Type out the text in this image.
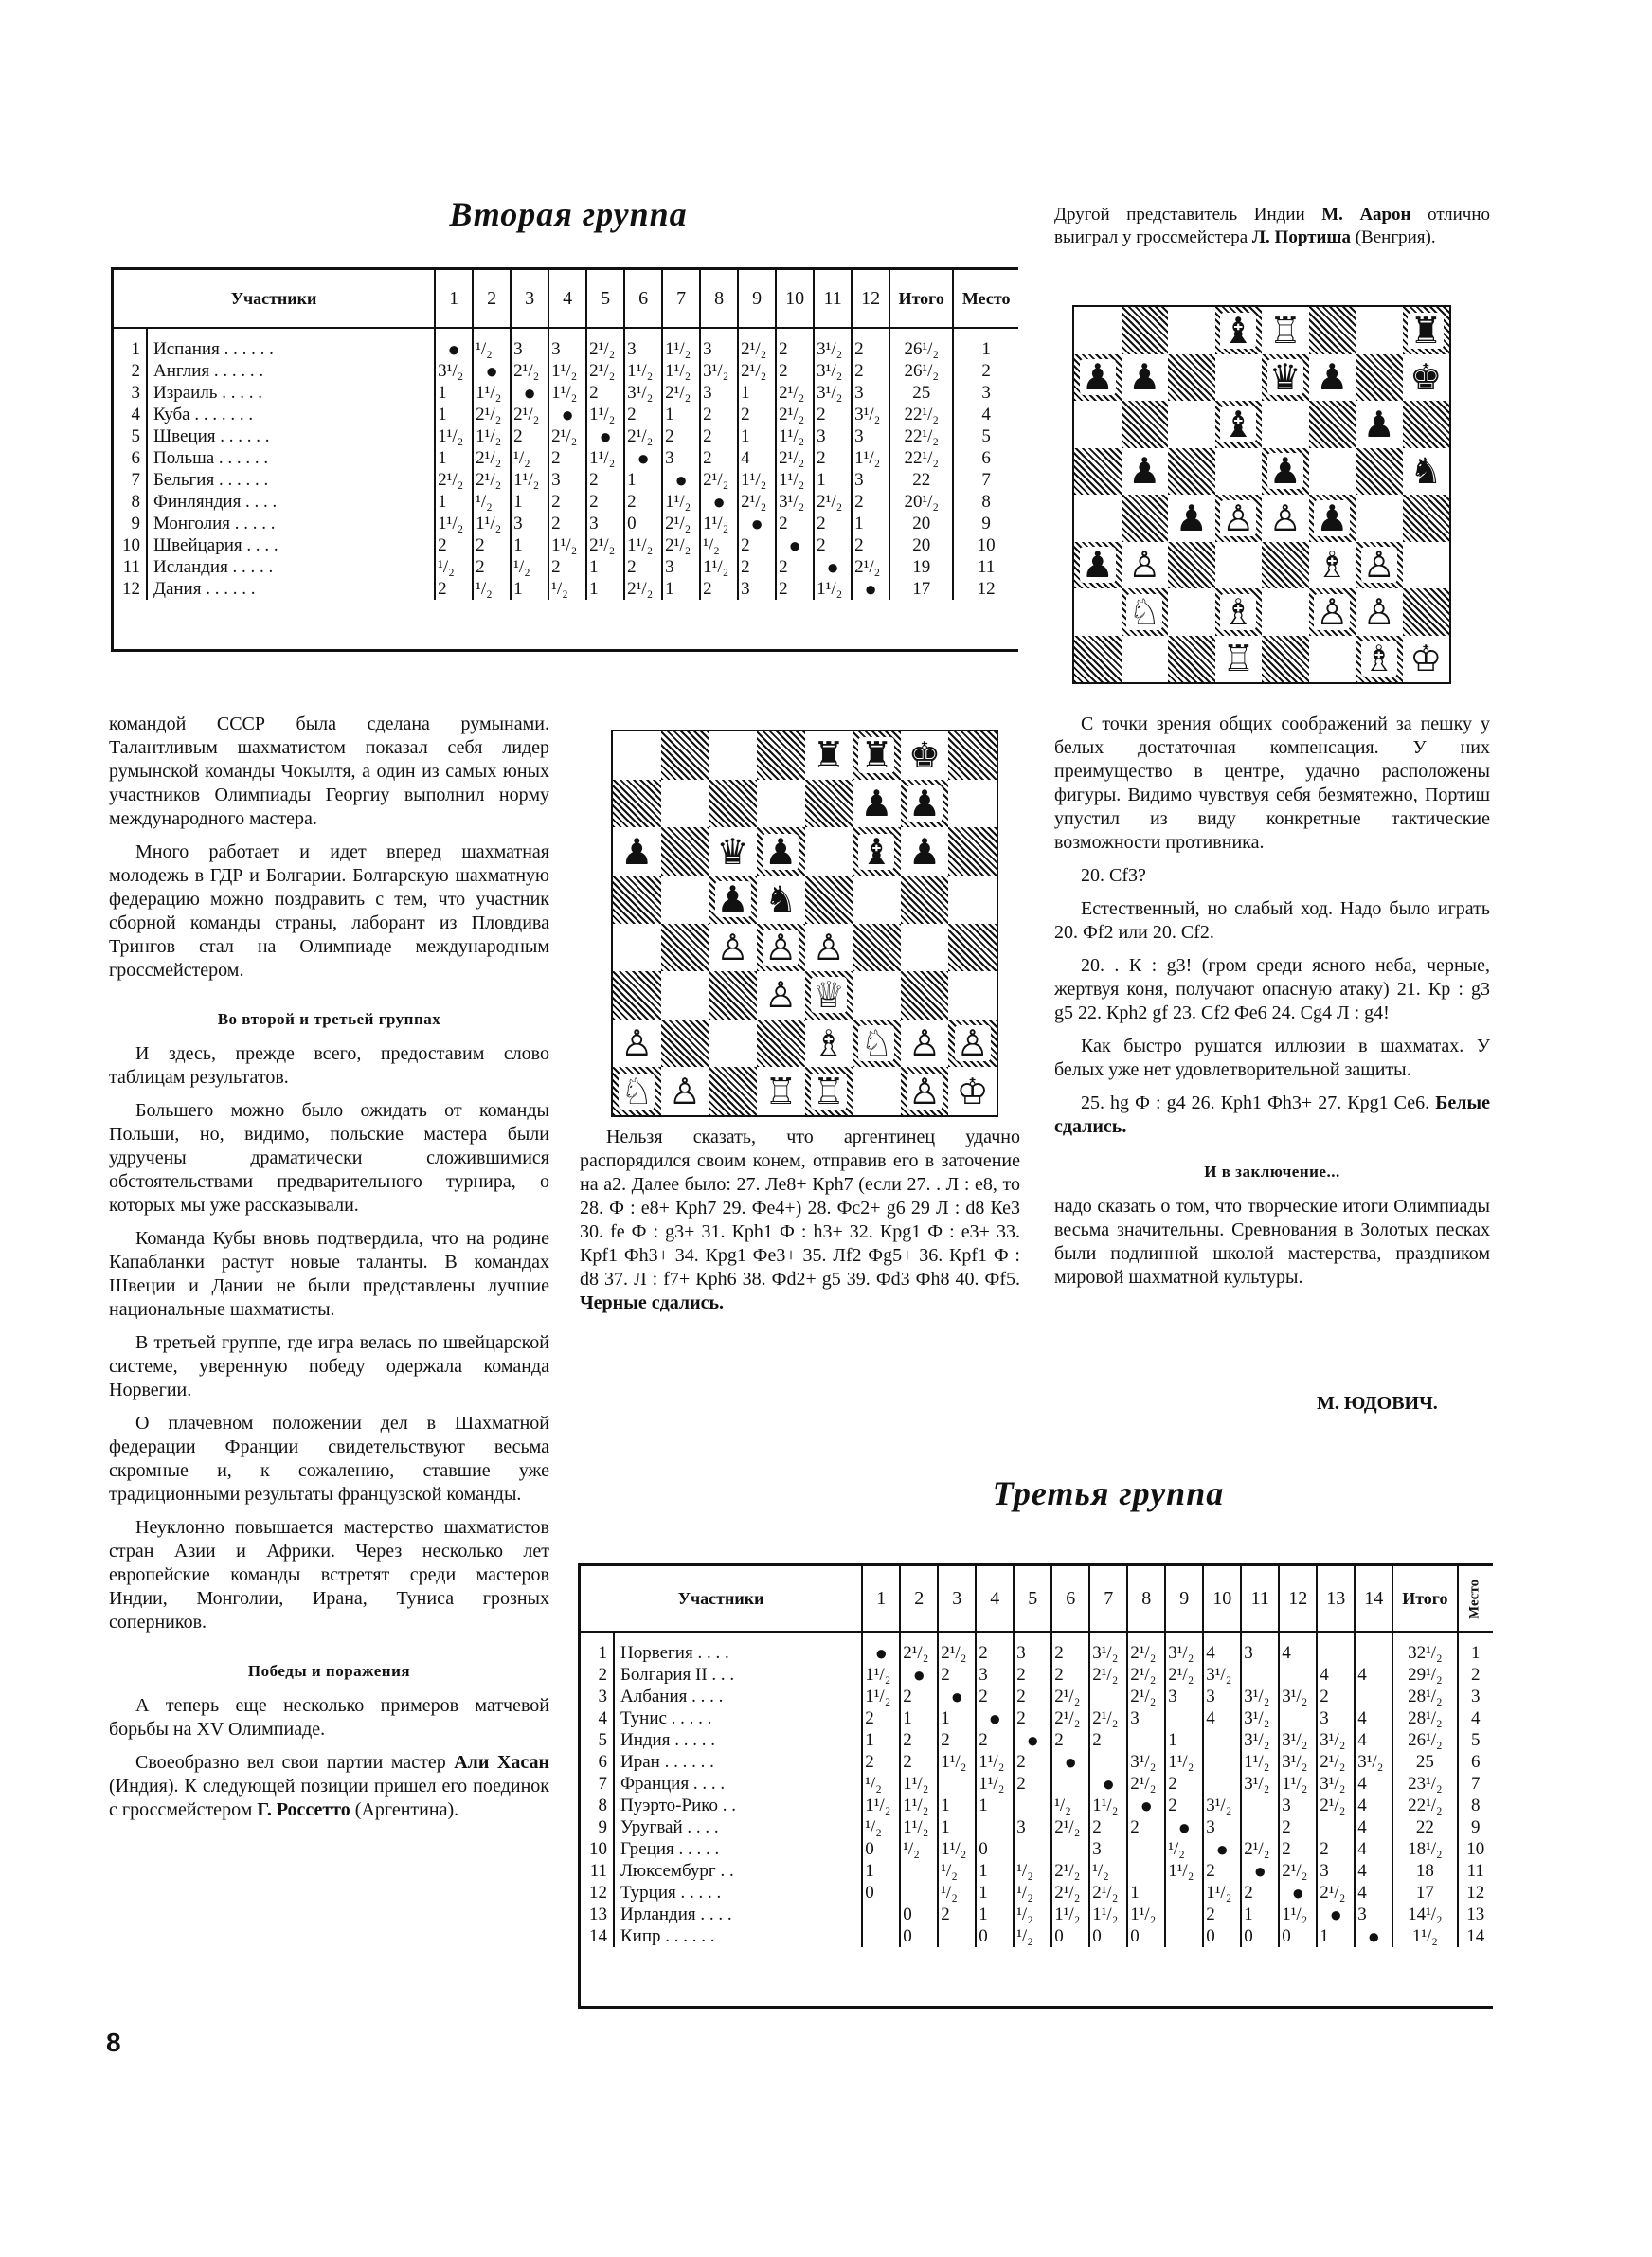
Вторая группа
Участники		1	2	3	4	5	6	7	8	9	10	11	12	Итого	Место
1	Испания . . . . . .	●	¹/₂	3	3	2¹/₂	3	1¹/₂	3	2¹/₂	2	3¹/₂	2	26¹/₂	1
2	Англия . . . . . .	3¹/₂	●	2¹/₂	1¹/₂	2¹/₂	1¹/₂	1¹/₂	3¹/₂	2¹/₂	2	3¹/₂	2	26¹/₂	2
3	Израиль . . . . .	1	1¹/₂	●	1¹/₂	2	3¹/₂	2¹/₂	3	1	2¹/₂	3¹/₂	3	25	3
4	Куба . . . . . . .	1	2¹/₂	2¹/₂	●	1¹/₂	2	1	2	2	2¹/₂	2	3¹/₂	22¹/₂	4
5	Швеция . . . . . .	1¹/₂	1¹/₂	2	2¹/₂	●	2¹/₂	2	2	1	1¹/₂	3	3	22¹/₂	5
6	Польша . . . . . .	1	2¹/₂	¹/₂	2	1¹/₂	●	3	2	4	2¹/₂	2	1¹/₂	22¹/₂	6
7	Бельгия . . . . . .	2¹/₂	2¹/₂	1¹/₂	3	2	1	●	2¹/₂	1¹/₂	1¹/₂	1	3	22	7
8	Финляндия . . . .	1	¹/₂	1	2	2	2	1¹/₂	●	2¹/₂	3¹/₂	2¹/₂	2	20¹/₂	8
9	Монголия . . . . .	1¹/₂	1¹/₂	3	2	3	0	2¹/₂	1¹/₂	●	2	2	1	20	9
10	Швейцария . . . .	2	2	1	1¹/₂	2¹/₂	1¹/₂	2¹/₂	¹/₂	2	●	2	2	20	10
11	Исландия . . . . .	¹/₂	2	¹/₂	2	1	2	3	1¹/₂	2	2	●	2¹/₂	19	11
12	Дания . . . . . .	2	¹/₂	1	¹/₂	1	2¹/₂	1	2	3	2	1¹/₂	●	17	12

Другой представитель Индии М. Аарон отлично выиграл у гроссмейстера Л. Портиша (Венгрия).

♝ ♖	♜
♟ ♟	♛ ♟ ♚
♝	♟
♟	♟	♞
♟ ♙ ♙ ♟
♟ ♙	♗ ♙
♘ ♗ ♙ ♙
♖	♗ ♔

командой СССР была сделана румынами. Талантливым шахматистом показал себя лидер румынской команды Чокылтя, а один из самых юных участников Олимпиады Георгиу выполнил норму международного мастера.

Много работает и идет вперед шахматная молодежь в ГДР и Болгарии. Болгарскую шахматную федерацию можно поздравить с тем, что участник сборной команды страны, лаборант из Пловдива Трингов стал на Олимпиаде международным гроссмейстером.

Во второй и третьей группах

И здесь, прежде всего, предоставим слово таблицам результатов.

Большего можно было ожидать от команды Польши, но, видимо, польские мастера были удручены драматически сложившимися обстоятельствами предварительного турнира, о которых мы уже рассказывали.

Команда Кубы вновь подтвердила, что на родине Капабланки растут новые таланты. В командах Швеции и Дании не были представлены лучшие национальные шахматисты.

В третьей группе, где игра велась по швейцарской системе, уверенную победу одержала команда Норвегии.

О плачевном положении дел в Шахматной федерации Франции свидетельствуют весьма скромные и, к сожалению, ставшие уже традиционными результаты французской команды.

Неуклонно повышается мастерство шахматистов стран Азии и Африки. Через несколько лет европейские команды встретят среди мастеров Индии, Монголии, Ирана, Туниса грозных соперников.

Победы и поражения

А теперь еще несколько примеров матчевой борьбы на XV Олимпиаде.

Своеобразно вел свои партии мастер Али Хасан (Индия). К следующей позиции пришел его поединок с гроссмейстером Г. Россетто (Аргентина).

♜ ♜ ♚
♟ ♟
♟ ♛ ♟ ♝ ♟
♟ ♞
♙ ♙ ♙
♙ ♕
♙	♗ ♘ ♙ ♙
♘ ♙ ♖ ♖ ♙ ♔

Нельзя сказать, что аргентинец удачно распорядился своим конем, отправив его в заточение на а2. Далее было: 27. Ле8+ Крh7 (если 27. . Л : е8, то 28. Ф : е8+ Крh7 29. Фе4+) 28. Фс2+ g6 29 Л : d8 Ке3 30. fe Ф : g3+ 31. Крh1 Ф : h3+ 32. Крg1 Ф : е3+ 33. Крf1 Фh3+ 34. Крg1 Фе3+ 35. Лf2 Фg5+ 36. Крf1 Ф : d8 37. Л : f7+ Крh6 38. Фd2+ g5 39. Фd3 Фh8 40. Фf5. Черные сдались.

С точки зрения общих соображений за пешку у белых достаточная компенсация. У них преимущество в центре, удачно расположены фигуры. Видимо чувствуя себя безмятежно, Портиш упустил из виду конкретные тактические возможности противника.

20. Cf3?

Естественный, но слабый ход. Надо было играть 20. Фf2 или 20. Cf2.

20. . К : g3! (гром среди ясного неба, черные, жертвуя коня, получают опасную атаку) 21. Кр : g3 g5 22. Крh2 gf 23. Cf2 Фе6 24. Cg4 Л : g4!

Как быстро рушатся иллюзии в шахматах. У белых уже нет удовлетворительной защиты.

25. hg Ф : g4 26. Крh1 Фh3+ 27. Крg1 Се6. Белые сдались.

И в заключение...

надо сказать о том, что творческие итоги Олимпиады весьма значительны. Сревнования в Золотых песках были подлинной школой мастерства, праздником мировой шахматной культуры.

М. ЮДОВИЧ.
Третья группа
Участники		1	2	3	4	5	6	7	8	9	10	11	12	13	14	Итого	Место
1	Норвегия . . . .	●	2¹/₂	2¹/₂	2	3	2	3¹/₂	2¹/₂	3¹/₂	4	3	4			32¹/₂	1
2	Болгария II . . .	1¹/₂	●	2	3	2	2	2¹/₂	2¹/₂	2¹/₂	3¹/₂			4	4	29¹/₂	2
3	Албания . . . .	1¹/₂	2	●	2	2	2¹/₂		2¹/₂	3	3	3¹/₂	3¹/₂	2		28¹/₂	3
4	Тунис . . . . .	2	1	1	●	2	2¹/₂	2¹/₂	3		4	3¹/₂		3	4	28¹/₂	4
5	Индия . . . . .	1	2	2	2	●	2	2		1		3¹/₂	3¹/₂	3¹/₂	4	26¹/₂	5
6	Иран . . . . . .	2	2	1¹/₂	1¹/₂	2	●		3¹/₂	1¹/₂		1¹/₂	3¹/₂	2¹/₂	3¹/₂	25	6
7	Франция . . . .	¹/₂	1¹/₂		1¹/₂	2		●	2¹/₂	2		3¹/₂	1¹/₂	3¹/₂	4	23¹/₂	7
8	Пуэрто-Рико . .	1¹/₂	1¹/₂	1	1		¹/₂	1¹/₂	●	2	3¹/₂		3	2¹/₂	4	22¹/₂	8
9	Уругвай . . . .	¹/₂	1¹/₂	1		3	2¹/₂	2	2	●	3		2		4	22	9
10	Греция . . . . .	0	¹/₂	1¹/₂	0			3		¹/₂	●	2¹/₂	2	2	4	18¹/₂	10
11	Люксембург . .	1		¹/₂	1	¹/₂	2¹/₂	¹/₂		1¹/₂	2	●	2¹/₂	3	4	18	11
12	Турция . . . . .	0		¹/₂	1	¹/₂	2¹/₂	2¹/₂	1		1¹/₂	2	●	2¹/₂	4	17	12
13	Ирландия . . . .		0	2	1	¹/₂	1¹/₂	1¹/₂	1¹/₂		2	1	1¹/₂	●	3	14¹/₂	13
14	Кипр . . . . . .		0		0	¹/₂	0	0	0		0	0	0	1	●	1¹/₂	14
8
